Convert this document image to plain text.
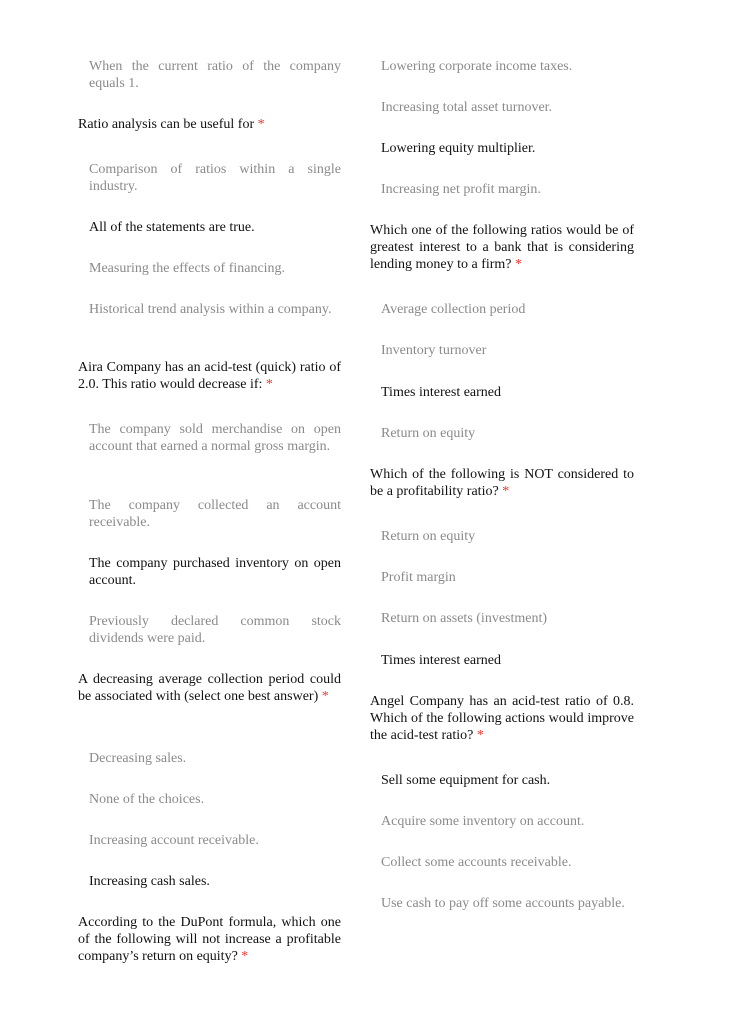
When the current ratio of the company equals 1.
Ratio analysis can be useful for *
Comparison of ratios within a single industry.
All of the statements are true.
Measuring the effects of financing.
Historical trend analysis within a company.
Aira Company has an acid-test (quick) ratio of 2.0. This ratio would decrease if: *
The company sold merchandise on open account that earned a normal gross margin.
The company collected an account receivable.
The company purchased inventory on open account.
Previously declared common stock dividends were paid.
A decreasing average collection period could be associated with (select one best answer) *
Decreasing sales.
None of the choices.
Increasing account receivable.
Increasing cash sales.
According to the DuPont formula, which one of the following will not increase a profitable company’s return on equity? *
Lowering corporate income taxes.
Increasing total asset turnover.
Lowering equity multiplier.
Increasing net profit margin.
Which one of the following ratios would be of greatest interest to a bank that is considering lending money to a firm? *
Average collection period
Inventory turnover
Times interest earned
Return on equity
Which of the following is NOT considered to be a profitability ratio? *
Return on equity
Profit margin
Return on assets (investment)
Times interest earned
Angel Company has an acid-test ratio of 0.8. Which of the following actions would improve the acid-test ratio? *
Sell some equipment for cash.
Acquire some inventory on account.
Collect some accounts receivable.
Use cash to pay off some accounts payable.
